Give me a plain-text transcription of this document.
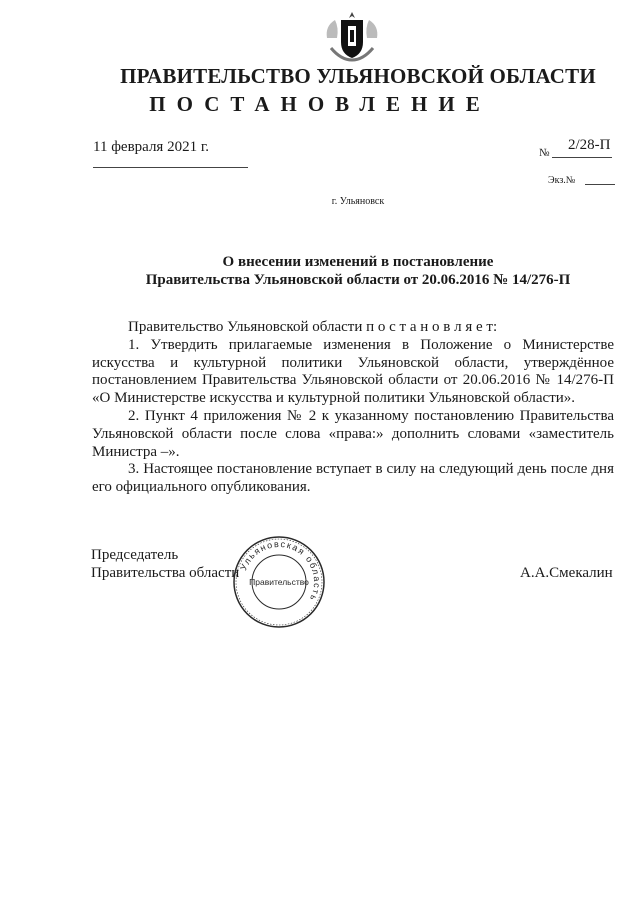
ПРАВИТЕЛЬСТВО УЛЬЯНОВСКОЙ ОБЛАСТИ
ПОСТАНОВЛЕНИЕ
11 февраля 2021 г.	№ 2/28-П
Экз.№
г. Ульяновск
О внесении изменений в постановление
Правительства Ульяновской области от 20.06.2016 № 14/276-П

Правительство Ульяновской области п о с т а н о в л я е т:

1. Утвердить прилагаемые изменения в Положение о Министерстве искусства и культурной политики Ульяновской области, утверждённое постановлением Правительства Ульяновской области от 20.06.2016 № 14/276-П «О Министерстве искусства и культурной политики Ульяновской области».

2. Пункт 4 приложения № 2 к указанному постановлению Правительства Ульяновской области после слова «права:» дополнить словами «заместитель Министра –».

3. Настоящее постановление вступает в силу на следующий день после дня его официального опубликования.

Председатель
Правительства области	А.А.Смекалин
Ульяновская область
Правительство
